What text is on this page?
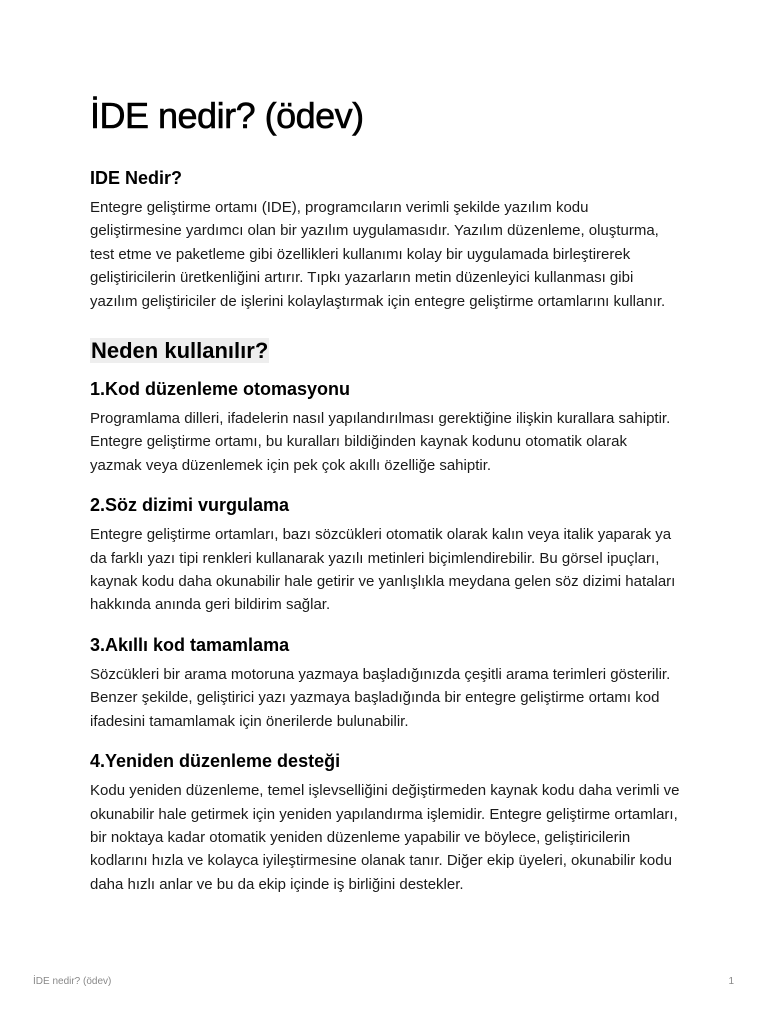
İDE nedir? (ödev)
IDE Nedir?

Entegre geliştirme ortamı (IDE), programcıların verimli şekilde yazılım kodu geliştirmesine yardımcı olan bir yazılım uygulamasıdır. Yazılım düzenleme, oluşturma, test etme ve paketleme gibi özellikleri kullanımı kolay bir uygulamada birleştirerek geliştiricilerin üretkenliğini artırır. Tıpkı yazarların metin düzenleyici kullanması gibi yazılım geliştiriciler de işlerini kolaylaştırmak için entegre geliştirme ortamlarını kullanır.

Neden kullanılır?
1.Kod düzenleme otomasyonu

Programlama dilleri, ifadelerin nasıl yapılandırılması gerektiğine ilişkin kurallara sahiptir. Entegre geliştirme ortamı, bu kuralları bildiğinden kaynak kodunu otomatik olarak yazmak veya düzenlemek için pek çok akıllı özelliğe sahiptir.

2.Söz dizimi vurgulama

Entegre geliştirme ortamları, bazı sözcükleri otomatik olarak kalın veya italik yaparak ya da farklı yazı tipi renkleri kullanarak yazılı metinleri biçimlendirebilir. Bu görsel ipuçları, kaynak kodu daha okunabilir hale getirir ve yanlışlıkla meydana gelen söz dizimi hataları hakkında anında geri bildirim sağlar.

3.Akıllı kod tamamlama

Sözcükleri bir arama motoruna yazmaya başladığınızda çeşitli arama terimleri gösterilir. Benzer şekilde, geliştirici yazı yazmaya başladığında bir entegre geliştirme ortamı kod ifadesini tamamlamak için önerilerde bulunabilir.

4.Yeniden düzenleme desteği

Kodu yeniden düzenleme, temel işlevselliğini değiştirmeden kaynak kodu daha verimli ve okunabilir hale getirmek için yeniden yapılandırma işlemidir. Entegre geliştirme ortamları, bir noktaya kadar otomatik yeniden düzenleme yapabilir ve böylece, geliştiricilerin kodlarını hızla ve kolayca iyileştirmesine olanak tanır. Diğer ekip üyeleri, okunabilir kodu daha hızlı anlar ve bu da ekip içinde iş birliğini destekler.

İDE nedir? (ödev)	1
